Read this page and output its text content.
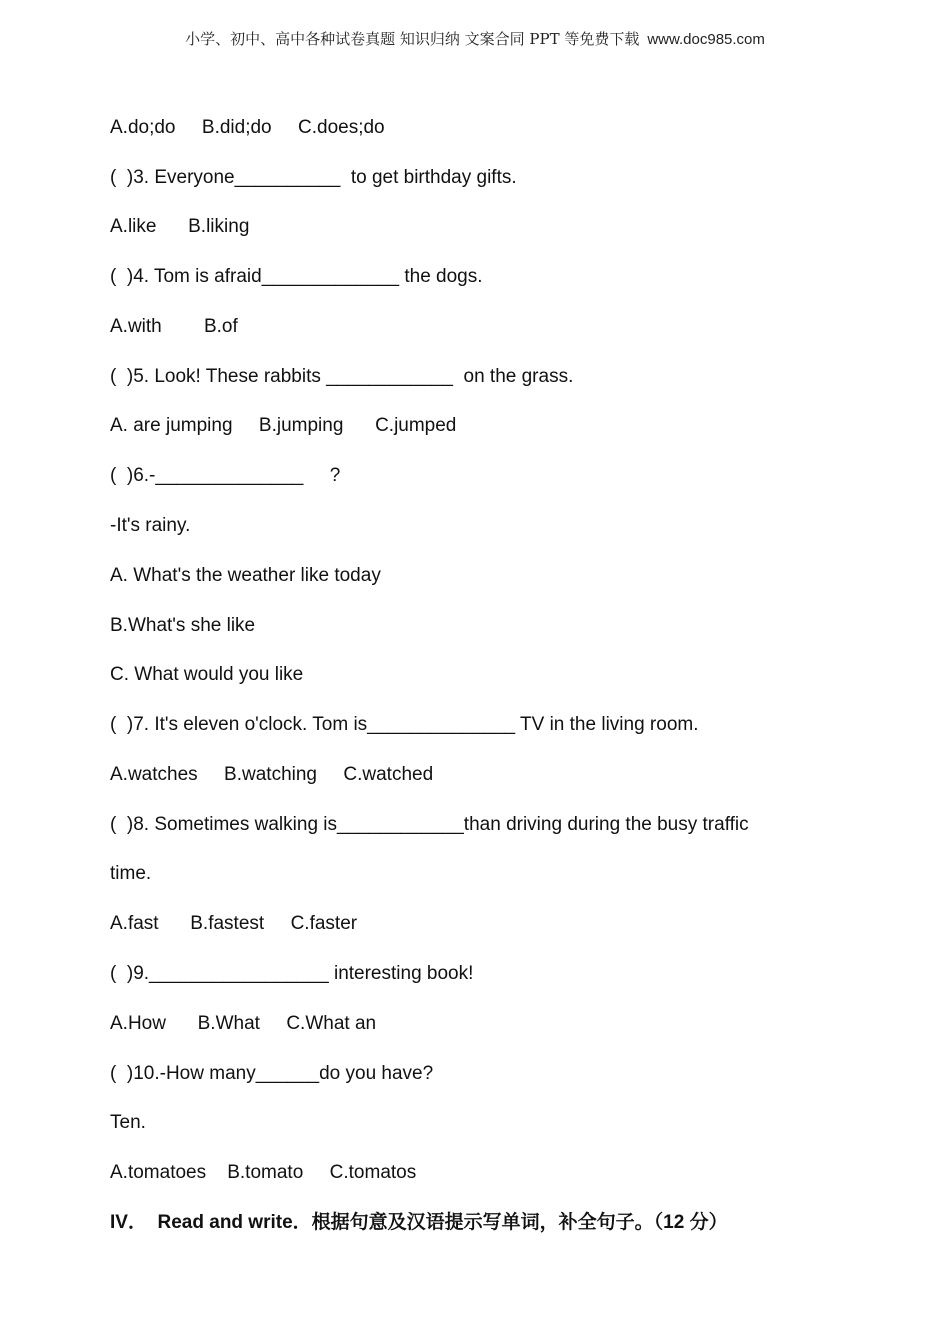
小学、初中、高中各种试卷真题 知识归纳 文案合同 PPT 等免费下载 www.doc985.com
A.do;do     B.did;do     C.does;do
(  )3. Everyone__________  to get birthday gifts.
A.like      B.liking
(  )4. Tom is afraid_____________ the dogs.
A.with        B.of
(  )5. Look! These rabbits ____________  on the grass.
A. are jumping     B.jumping      C.jumped
(  )6.-______________     ?
-It's rainy.
A. What's the weather like today
B.What's she like
C. What would you like
(  )7. It's eleven o'clock. Tom is______________ TV in the living room.
A.watches     B.watching     C.watched
(  )8. Sometimes walking is____________than driving during the busy traffic
time.
A.fast      B.fastest     C.faster
(  )9._________________ interesting book!
A.How      B.What     C.What an
(  )10.-How many______do you have?
Ten.
A.tomatoes    B.tomato     C.tomatos
IV．  Read and write．根据句意及汉语提示写单词，补全句子。（12 分）
